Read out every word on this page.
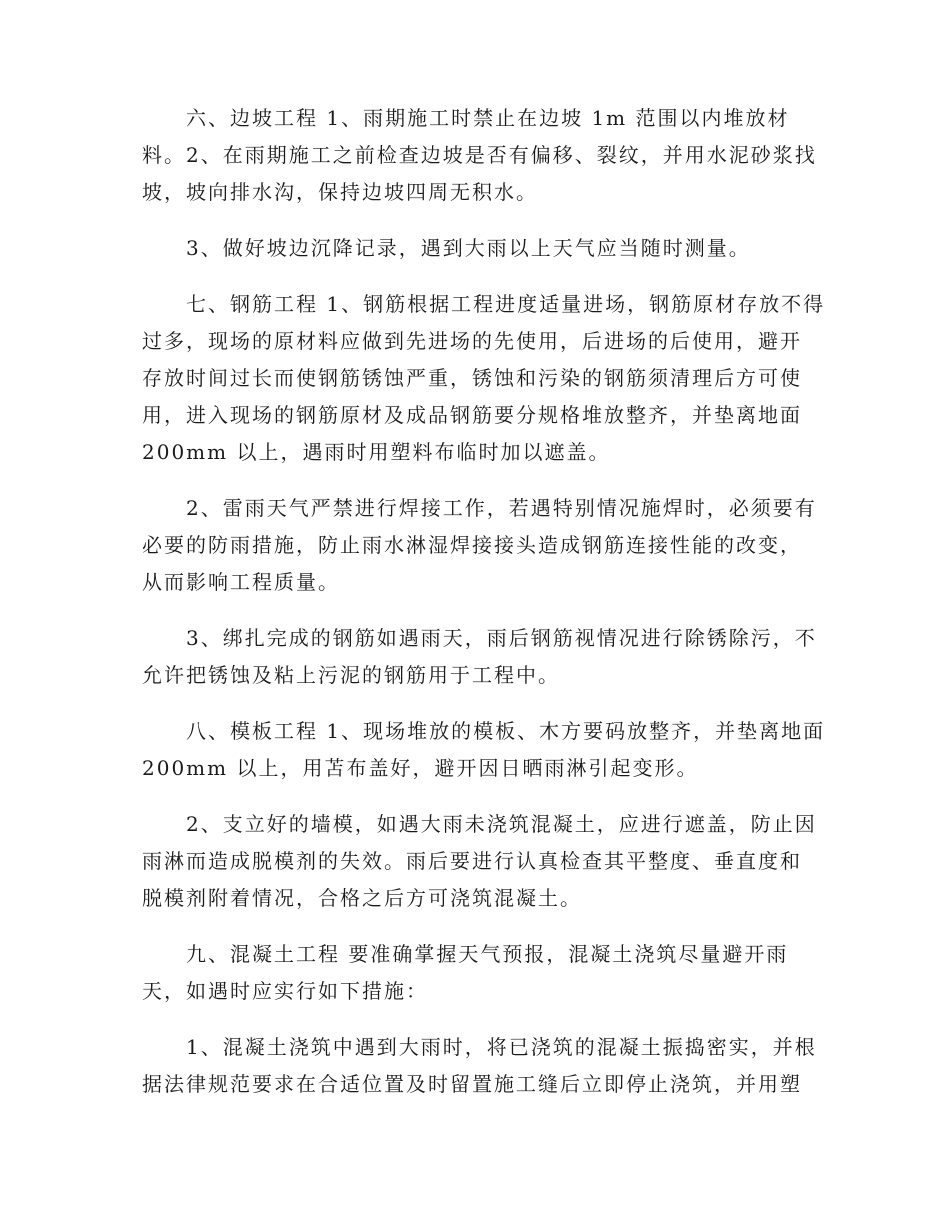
　　六、边坡工程 1、雨期施工时禁止在边坡 1m 范围以内堆放材
料。2、在雨期施工之前检查边坡是否有偏移、裂纹，并用水泥砂浆找
坡，坡向排水沟，保持边坡四周无积水。
　　3、做好坡边沉降记录，遇到大雨以上天气应当随时测量。
　　七、钢筋工程 1、钢筋根据工程进度适量进场，钢筋原材存放不得
过多，现场的原材料应做到先进场的先使用，后进场的后使用，避开
存放时间过长而使钢筋锈蚀严重，锈蚀和污染的钢筋须清理后方可使
用，进入现场的钢筋原材及成品钢筋要分规格堆放整齐，并垫离地面
200mm 以上，遇雨时用塑料布临时加以遮盖。
　　2、雷雨天气严禁进行焊接工作，若遇特别情况施焊时，必须要有
必要的防雨措施，防止雨水淋湿焊接接头造成钢筋连接性能的改变，
从而影响工程质量。
　　3、绑扎完成的钢筋如遇雨天，雨后钢筋视情况进行除锈除污，不
允许把锈蚀及粘上污泥的钢筋用于工程中。
　　八、模板工程 1、现场堆放的模板、木方要码放整齐，并垫离地面
200mm 以上，用苫布盖好，避开因日晒雨淋引起变形。
　　2、支立好的墙模，如遇大雨未浇筑混凝土，应进行遮盖，防止因
雨淋而造成脱模剂的失效。雨后要进行认真检查其平整度、垂直度和
脱模剂附着情况，合格之后方可浇筑混凝土。
　　九、混凝土工程 要准确掌握天气预报，混凝土浇筑尽量避开雨
天，如遇时应实行如下措施：
　　1、混凝土浇筑中遇到大雨时，将已浇筑的混凝土振捣密实，并根
据法律规范要求在合适位置及时留置施工缝后立即停止浇筑，并用塑
